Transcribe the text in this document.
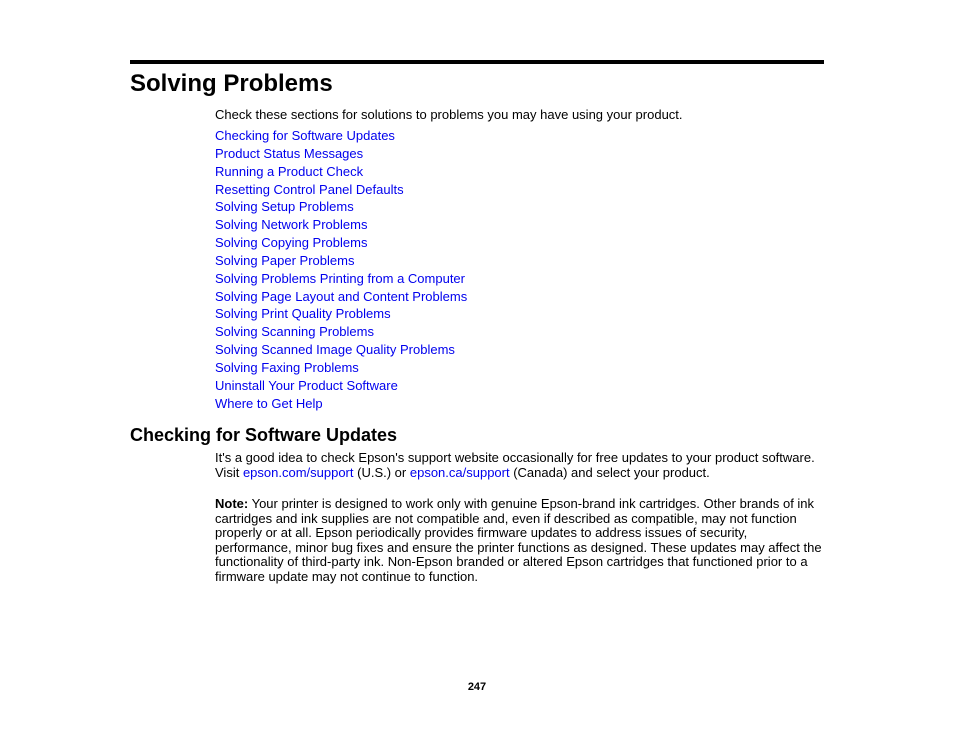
Solving Problems

Check these sections for solutions to problems you may have using your product.

Checking for Software Updates
Product Status Messages
Running a Product Check
Resetting Control Panel Defaults
Solving Setup Problems
Solving Network Problems
Solving Copying Problems
Solving Paper Problems
Solving Problems Printing from a Computer
Solving Page Layout and Content Problems
Solving Print Quality Problems
Solving Scanning Problems
Solving Scanned Image Quality Problems
Solving Faxing Problems
Uninstall Your Product Software
Where to Get Help
Checking for Software Updates

It's a good idea to check Epson's support website occasionally for free updates to your product software. Visit epson.com/support (U.S.) or epson.ca/support (Canada) and select your product.

Note: Your printer is designed to work only with genuine Epson-brand ink cartridges. Other brands of ink cartridges and ink supplies are not compatible and, even if described as compatible, may not function properly or at all. Epson periodically provides firmware updates to address issues of security, performance, minor bug fixes and ensure the printer functions as designed. These updates may affect the functionality of third-party ink. Non-Epson branded or altered Epson cartridges that functioned prior to a firmware update may not continue to function.

247
